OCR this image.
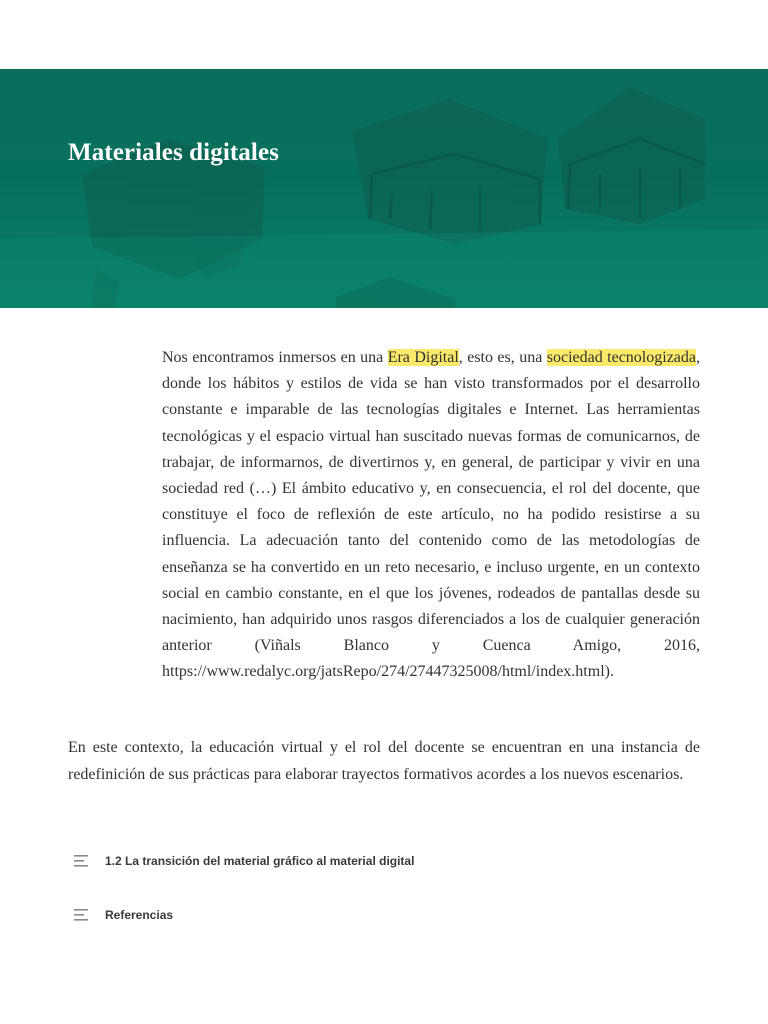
Materiales digitales
Nos encontramos inmersos en una Era Digital, esto es, una sociedad tecnologizada, donde los hábitos y estilos de vida se han visto transformados por el desarrollo constante e imparable de las tecnologías digitales e Internet. Las herramientas tecnológicas y el espacio virtual han suscitado nuevas formas de comunicarnos, de trabajar, de informarnos, de divertirnos y, en general, de participar y vivir en una sociedad red (…) El ámbito educativo y, en consecuencia, el rol del docente, que constituye el foco de reflexión de este artículo, no ha podido resistirse a su influencia. La adecuación tanto del contenido como de las metodologías de enseñanza se ha convertido en un reto necesario, e incluso urgente, en un contexto social en cambio constante, en el que los jóvenes, rodeados de pantallas desde su nacimiento, han adquirido unos rasgos diferenciados a los de cualquier generación anterior (Viñals Blanco y Cuenca Amigo, 2016, https://www.redalyc.org/jatsRepo/274/27447325008/html/index.html).

En este contexto, la educación virtual y el rol del docente se encuentran en una instancia de redefinición de sus prácticas para elaborar trayectos formativos acordes a los nuevos escenarios.

1.2 La transición del material gráfico al material digital
Referencias
